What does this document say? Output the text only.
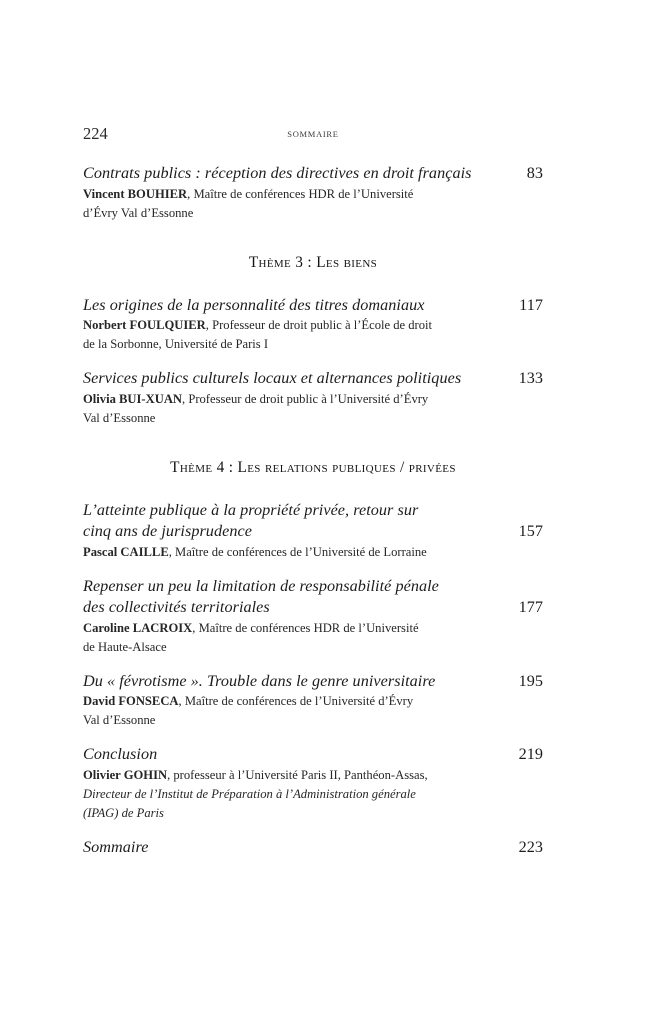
224	SOMMAIRE
Contrats publics : réception des directives en droit français	83
Vincent BOUHIER, Maître de conférences HDR de l’Université
d’Évry Val d’Essonne
Thème 3 : Les biens
Les origines de la personnalité des titres domaniaux	117
Norbert FOULQUIER, Professeur de droit public à l’École de droit
de la Sorbonne, Université de Paris I
Services publics culturels locaux et alternances politiques	133
Olivia BUI-XUAN, Professeur de droit public à l’Université d’Évry
Val d’Essonne
Thème 4 : Les relations publiques / privées
L’atteinte publique à la propriété privée, retour sur
cinq ans de jurisprudence	157
Pascal CAILLE, Maître de conférences de l’Université de Lorraine
Repenser un peu la limitation de responsabilité pénale
des collectivités territoriales	177
Caroline LACROIX, Maître de conférences HDR de l’Université
de Haute-Alsace
Du « févrotisme ». Trouble dans le genre universitaire	195
David FONSECA, Maître de conférences de l’Université d’Évry
Val d’Essonne
Conclusion	219
Olivier GOHIN, professeur à l’Université Paris II, Panthéon-Assas,
Directeur de l’Institut de Préparation à l’Administration générale
(IPAG) de Paris
Sommaire	223
